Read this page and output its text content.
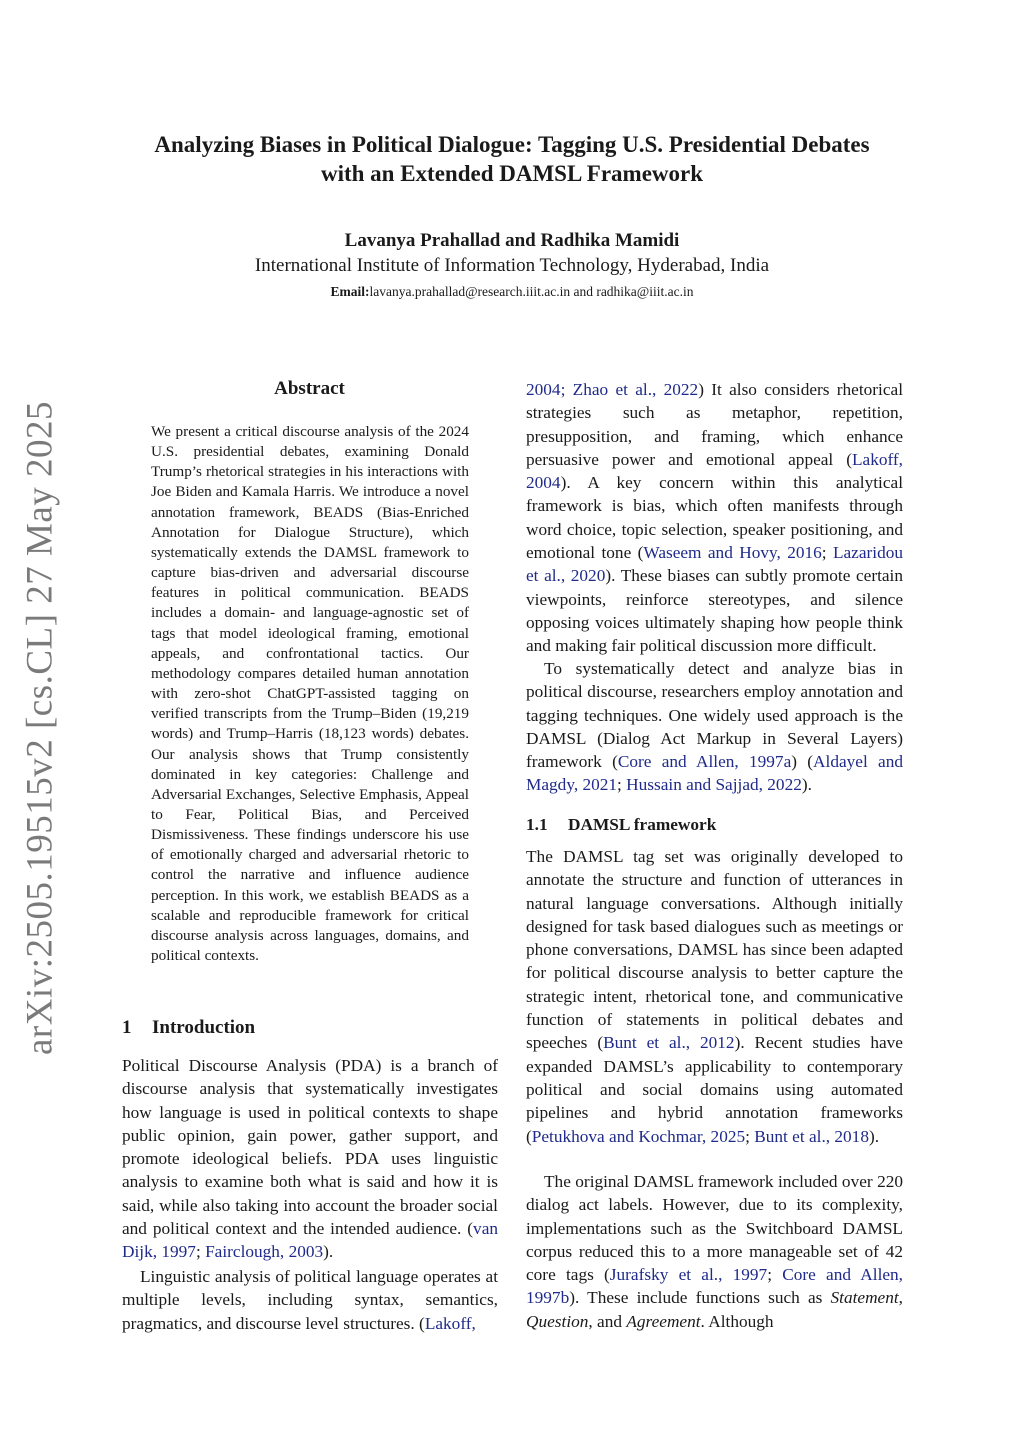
Analyzing Biases in Political Dialogue: Tagging U.S. Presidential Debates
with an Extended DAMSL Framework
Lavanya Prahallad and Radhika Mamidi
International Institute of Information Technology, Hyderabad, India
Email:lavanya.prahallad@research.iiit.ac.in and radhika@iiit.ac.in
arXiv:2505.19515v2 [cs.CL] 27 May 2025
Abstract
We present a critical discourse analysis of the 2024 U.S. presidential debates, examining Donald Trump’s rhetorical strategies in his interactions with Joe Biden and Kamala Harris. We introduce a novel annotation framework, BEADS (Bias-Enriched Annotation for Dialogue Structure), which systematically extends the DAMSL framework to capture bias-driven and adversarial discourse features in political communication. BEADS includes a domain- and language-agnostic set of tags that model ideological framing, emotional appeals, and confrontational tactics. Our methodology compares detailed human annotation with zero-shot ChatGPT-assisted tagging on verified transcripts from the Trump–Biden (19,219 words) and Trump–Harris (18,123 words) debates. Our analysis shows that Trump consistently dominated in key categories: Challenge and Adversarial Exchanges, Selective Emphasis, Appeal to Fear, Political Bias, and Perceived Dismissiveness. These findings underscore his use of emotionally charged and adversarial rhetoric to control the narrative and influence audience perception. In this work, we establish BEADS as a scalable and reproducible framework for critical discourse analysis across languages, domains, and political contexts.
1 Introduction
Political Discourse Analysis (PDA) is a branch of discourse analysis that systematically investigates how language is used in political contexts to shape public opinion, gain power, gather support, and promote ideological beliefs. PDA uses linguistic analysis to examine both what is said and how it is said, while also taking into account the broader social and political context and the intended audience. (van Dijk, 1997; Fairclough, 2003).
Linguistic analysis of political language operates at multiple levels, including syntax, semantics, pragmatics, and discourse level structures. (Lakoff,
2004; Zhao et al., 2022) It also considers rhetorical strategies such as metaphor, repetition, presupposition, and framing, which enhance persuasive power and emotional appeal (Lakoff, 2004). A key concern within this analytical framework is bias, which often manifests through word choice, topic selection, speaker positioning, and emotional tone (Waseem and Hovy, 2016; Lazaridou et al., 2020). These biases can subtly promote certain viewpoints, reinforce stereotypes, and silence opposing voices ultimately shaping how people think and making fair political discussion more difficult.
To systematically detect and analyze bias in political discourse, researchers employ annotation and tagging techniques. One widely used approach is the DAMSL (Dialog Act Markup in Several Layers) framework (Core and Allen, 1997a) (Aldayel and Magdy, 2021; Hussain and Sajjad, 2022).
1.1 DAMSL framework
The DAMSL tag set was originally developed to annotate the structure and function of utterances in natural language conversations. Although initially designed for task based dialogues such as meetings or phone conversations, DAMSL has since been adapted for political discourse analysis to better capture the strategic intent, rhetorical tone, and communicative function of statements in political debates and speeches (Bunt et al., 2012). Recent studies have expanded DAMSL’s applicability to contemporary political and social domains using automated pipelines and hybrid annotation frameworks (Petukhova and Kochmar, 2025; Bunt et al., 2018).
The original DAMSL framework included over 220 dialog act labels. However, due to its complexity, implementations such as the Switchboard DAMSL corpus reduced this to a more manageable set of 42 core tags (Jurafsky et al., 1997; Core and Allen, 1997b). These include functions such as Statement, Question, and Agreement. Although
